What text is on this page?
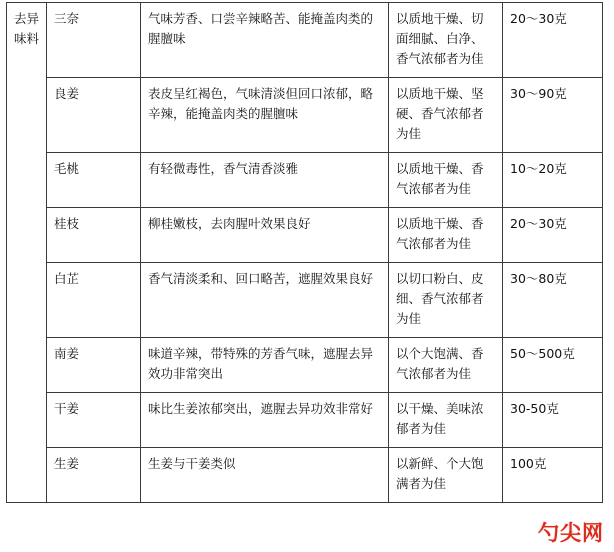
去异味料	三奈	气味芳香、口尝辛辣略苦、能掩盖肉类的腥膻味	以质地干燥、切面细腻、白净、香气浓郁者为佳	20～30克
	良姜	表皮呈红褐色，气味清淡但回口浓郁，略辛辣，能掩盖肉类的腥膻味	以质地干燥、坚硬、香气浓郁者为佳	30～90克
	毛桃	有轻微毒性，香气清香淡雅	以质地干燥、香气浓郁者为佳	10～20克
	桂枝	柳桂嫩枝，去肉腥叶效果良好	以质地干燥、香气浓郁者为佳	20～30克
	白芷	香气清淡柔和、回口略苦，遮腥效果良好	以切口粉白、皮细、香气浓郁者为佳	30～80克
	南姜	味道辛辣，带特殊的芳香气味，遮腥去异效功非常突出	以个大饱满、香气浓郁者为佳	50～500克
	干姜	味比生姜浓郁突出，遮腥去异功效非常好	以干燥、美味浓郁者为佳	30-50克
	生姜	生姜与干姜类似	以新鲜、个大饱满者为佳	100克
勺尖网
